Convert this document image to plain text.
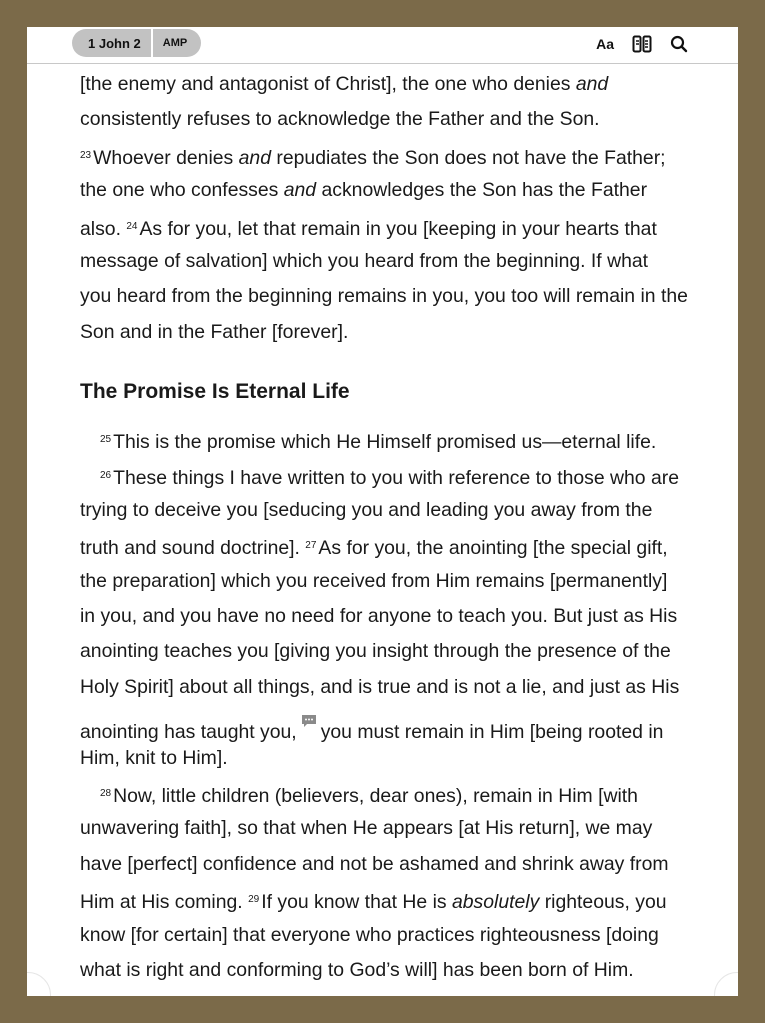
1 John 2	AMP	Aa
[the enemy and antagonist of Christ], the one who denies and
consistently refuses to acknowledge the Father and the Son.
$^{23}$ Whoever denies and repudiates the Son does not have the Father;
the one who confesses and acknowledges the Son has the Father
also. $^{24}$ As for you, let that remain in you [keeping in your hearts that
message of salvation] which you heard from the beginning. If what
you heard from the beginning remains in you, you too will remain in the
Son and in the Father [forever].
The Promise Is Eternal Life
$^{25}$ This is the promise which He Himself promised us—eternal life.
$^{26}$ These things I have written to you with reference to those who are
trying to deceive you [seducing you and leading you away from the
truth and sound doctrine]. $^{27}$ As for you, the anointing [the special gift,
the preparation] which you received from Him remains [permanently]
in you, and you have no need for anyone to teach you. But just as His
anointing teaches you [giving you insight through the presence of the
Holy Spirit] about all things, and is true and is not a lie, and just as His
anointing has taught you, you must remain in Him [being rooted in
Him, knit to Him].
$^{28}$ Now, little children (believers, dear ones), remain in Him [with
unwavering faith], so that when He appears [at His return], we may
have [perfect] confidence and not be ashamed and shrink away from
Him at His coming. $^{29}$ If you know that He is absolutely righteous, you
know [for certain] that everyone who practices righteousness [doing
what is right and conforming to God’s will] has been born of Him.
